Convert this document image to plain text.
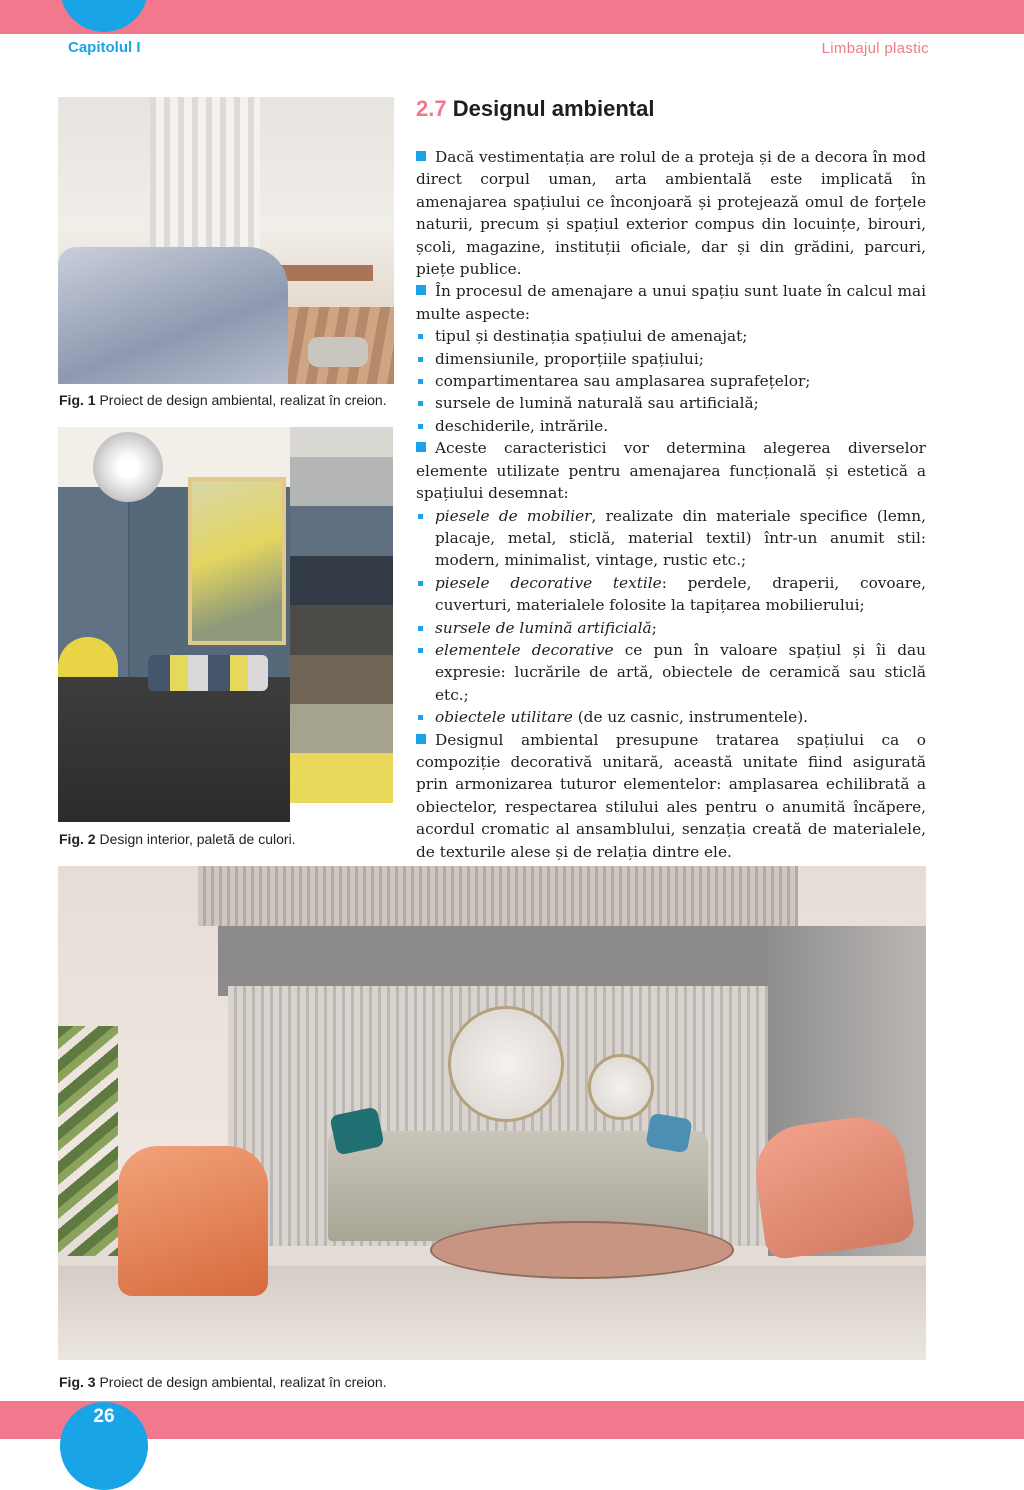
Capitolul I	Limbajul plastic
Fig. 1 Proiect de design ambiental, realizat în creion.
Fig. 2 Design interior, paletă de culori.
2.7 Designul ambiental

Dacă vestimentația are rolul de a proteja și de a decora în mod direct corpul uman, arta ambientală este implicată în amenajarea spațiului ce înconjoară și protejează omul de forțele naturii, precum și spațiul exterior compus din locuințe, birouri, școli, magazine, instituții oficiale, dar și din grădini, parcuri, piețe publice.

În procesul de amenajare a unui spațiu sunt luate în calcul mai multe aspecte:

tipul și destinația spațiului de amenajat;
dimensiunile, proporțiile spațiului;
compartimentarea sau amplasarea suprafețelor;
sursele de lumină naturală sau artificială;
deschiderile, intrările.

Aceste caracteristici vor determina alegerea diverselor elemente utilizate pentru amenajarea funcțională și estetică a spațiului desemnat:

piesele de mobilier, realizate din materiale specifice (lemn, placaje, metal, sticlă, material textil) într-un anumit stil: modern, minimalist, vintage, rustic etc.;
piesele decorative textile: perdele, draperii, covoare, cuverturi, materialele folosite la tapițarea mobilierului;
sursele de lumină artificială;
elementele decorative ce pun în valoare spațiul și îi dau expresie: lucrările de artă, obiectele de ceramică sau sticlă etc.;
obiectele utilitare (de uz casnic, instrumentele).

Designul ambiental presupune tratarea spațiului ca o compoziție decorativă unitară, această unitate fiind asigurată prin armonizarea tuturor elementelor: amplasarea echilibrată a obiectelor, respectarea stilului ales pentru o anumită încăpere, acordul cromatic al ansamblului, senzația creată de materialele, de texturile alese și de relația dintre ele.

Fig. 3 Proiect de design ambiental, realizat în creion.
26
